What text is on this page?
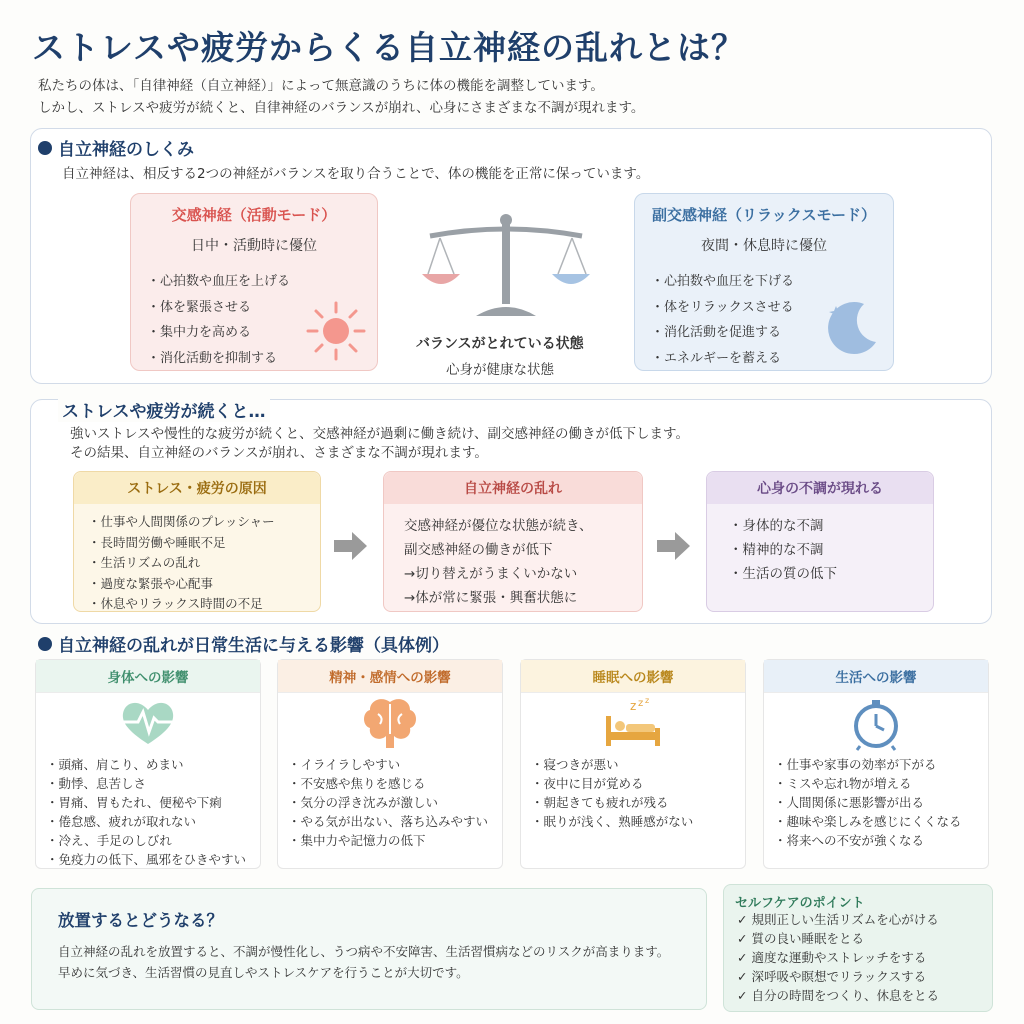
ストレスや疲労からくる自立神経の乱れとは？
私たちの体は、「自律神経（自立神経）」によって無意識のうちに体の機能を調整しています。
しかし、ストレスや疲労が続くと、自律神経のバランスが崩れ、心身にさまざまな不調が現れます。
自立神経のしくみ
自立神経は、相反する2つの神経がバランスを取り合うことで、体の機能を正常に保っています。
交感神経（活動モード）
日中・活動時に優位
・心拍数や血圧を上げる
・体を緊張させる
・集中力を高める
・消化活動を抑制する
バランスがとれている状態
心身が健康な状態
副交感神経（リラックスモード）
夜間・休息時に優位
・心拍数や血圧を下げる
・体をリラックスさせる
・消化活動を促進する
・エネルギーを蓄える
ストレスや疲労が続くと…
強いストレスや慢性的な疲労が続くと、交感神経が過剰に働き続け、副交感神経の働きが低下します。
その結果、自立神経のバランスが崩れ、さまざまな不調が現れます。
ストレス・疲労の原因
・仕事や人間関係のプレッシャー
・長時間労働や睡眠不足
・生活リズムの乱れ
・過度な緊張や心配事
・休息やリラックス時間の不足
自立神経の乱れ
交感神経が優位な状態が続き、
副交感神経の働きが低下
→切り替えがうまくいかない
→体が常に緊張・興奮状態に
心身の不調が現れる
・身体的な不調
・精神的な不調
・生活の質の低下
自立神経の乱れが日常生活に与える影響（具体例）
身体への影響
・頭痛、肩こり、めまい
・動悸、息苦しさ
・胃痛、胃もたれ、便秘や下痢
・倦怠感、疲れが取れない
・冷え、手足のしびれ
・免疫力の低下、風邪をひきやすい
精神・感情への影響
・イライラしやすい
・不安感や焦りを感じる
・気分の浮き沈みが激しい
・やる気が出ない、落ち込みやすい
・集中力や記憶力の低下
睡眠への影響
z z z
・寝つきが悪い
・夜中に目が覚める
・朝起きても疲れが残る
・眠りが浅く、熟睡感がない
生活への影響
・仕事や家事の効率が下がる
・ミスや忘れ物が増える
・人間関係に悪影響が出る
・趣味や楽しみを感じにくくなる
・将来への不安が強くなる
放置するとどうなる？
自立神経の乱れを放置すると、不調が慢性化し、うつ病や不安障害、生活習慣病などのリスクが高まります。
早めに気づき、生活習慣の見直しやストレスケアを行うことが大切です。
セルフケアのポイント
✓ 規則正しい生活リズムを心がける
✓ 質の良い睡眠をとる
✓ 適度な運動やストレッチをする
✓ 深呼吸や瞑想でリラックスする
✓ 自分の時間をつくり、休息をとる
